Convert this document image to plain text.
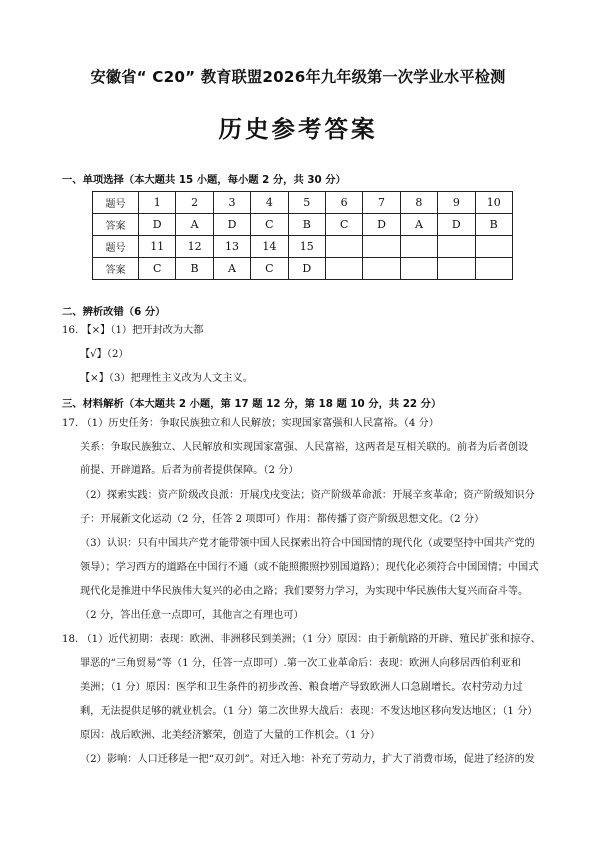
安徽省“ C20” 教育联盟2026年九年级第一次学业水平检测
历史参考答案
一、单项选择（本大题共 15 小题，每小题 2 分，共 30 分）
题号	1	2	3	4	5	6	7	8	9	10
答案	D	A	D	C	B	C	D	A	D	B
题号	11	12	13	14	15					
答案	C	B	A	C	D					
二、辨析改错（6 分）
16. 【×】（1）把开封改为大都
【√】（2）
【×】（3）把理性主义改为人文主义。
三、材料解析（本大题共 2 小题，第 17 题 12 分，第 18 题 10 分，共 22 分）
17. （1）历史任务：争取民族独立和人民解放；实现国家富强和人民富裕。（4 分）
关系：争取民族独立、人民解放和实现国家富强、人民富裕，这两者是互相关联的。前者为后者创设
前提、开辟道路。后者为前者提供保障。（2 分）
（2）探索实践：资产阶级改良派：开展戊戌变法；资产阶级革命派：开展辛亥革命；资产阶级知识分
子：开展新文化运动（2 分，任答 2 项即可）作用：都传播了资产阶级思想文化。（2 分）
（3）认识：只有中国共产党才能带领中国人民探索出符合中国国情的现代化（或要坚持中国共产党的
领导）；学习西方的道路在中国行不通（或不能照搬照抄别国道路）；现代化必须符合中国国情；中国式
现代化是推进中华民族伟大复兴的必由之路；我们要努力学习，为实现中华民族伟大复兴而奋斗等。
（2 分，答出任意一点即可，其他言之有理也可）
18. （1）近代初期：表现：欧洲、非洲移民到美洲；（1 分）原因：由于新航路的开辟、殖民扩张和掠夺、
罪恶的“三角贸易”等（1 分，任答一点即可）.第一次工业革命后：表现：欧洲人向移居西伯利亚和
美洲；（1 分）原因：医学和卫生条件的初步改善、粮食增产导致欧洲人口急剧增长。农村劳动力过
剩，无法提供足够的就业机会。（1 分）第二次世界大战后：表现：不发达地区移向发达地区；（1 分）
原因：战后欧洲、北美经济繁荣，创造了大量的工作机会。（1 分）
（2）影响：人口迁移是一把“双刃剑”。对迁入地：补充了劳动力，扩大了消费市场，促进了经济的发
